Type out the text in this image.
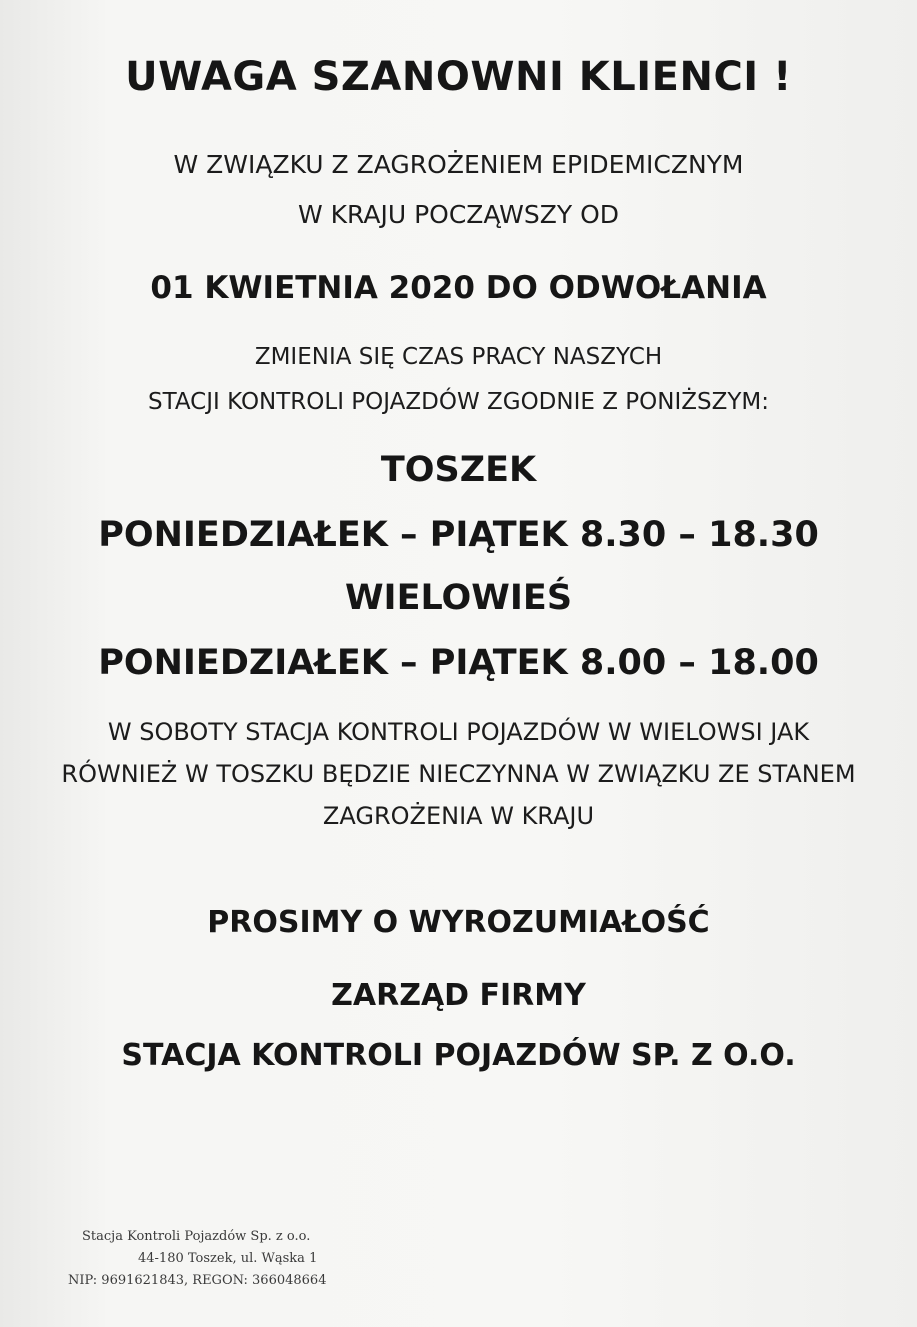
UWAGA SZANOWNI KLIENCI !
W ZWIĄZKU Z ZAGROŻENIEM EPIDEMICZNYM
W KRAJU POCZĄWSZY OD
01 KWIETNIA 2020 DO ODWOŁANIA
ZMIENIA SIĘ CZAS PRACY NASZYCH
STACJI KONTROLI POJAZDÓW ZGODNIE Z PONIŻSZYM:
TOSZEK
PONIEDZIAŁEK – PIĄTEK 8.30 – 18.30
WIELOWIEŚ
PONIEDZIAŁEK – PIĄTEK 8.00 – 18.00
W SOBOTY STACJA KONTROLI POJAZDÓW W WIELOWSI JAK
RÓWNIEŻ W TOSZKU BĘDZIE NIECZYNNA W ZWIĄZKU ZE STANEM
ZAGROŻENIA W KRAJU
PROSIMY O WYROZUMIAŁOŚĆ
ZARZĄD FIRMY
STACJA KONTROLI POJAZDÓW SP. Z O.O.
Stacja Kontroli Pojazdów Sp. z o.o.
44-180 Toszek, ul. Wąska 1
NIP: 9691621843, REGON: 366048664
